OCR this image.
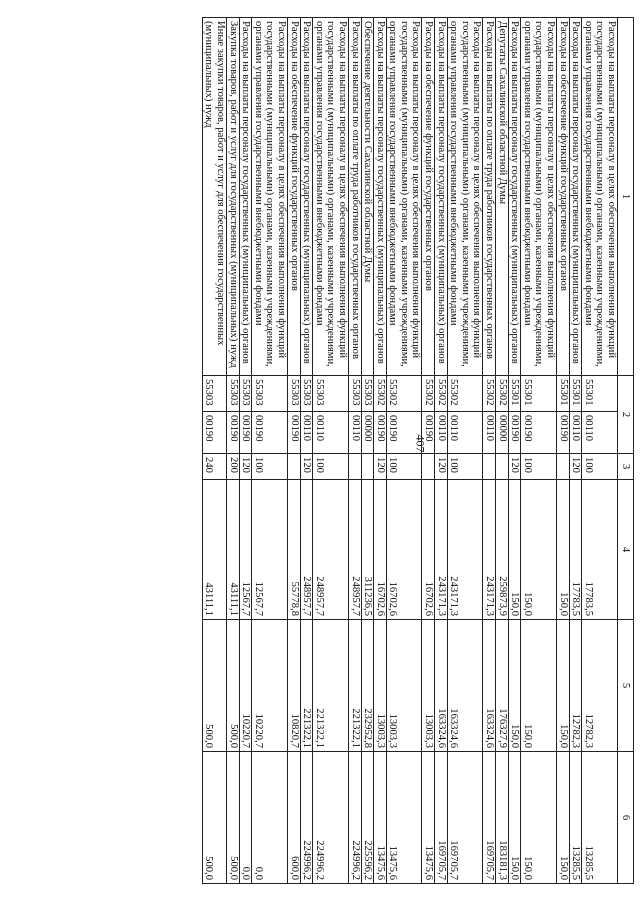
407
1	2		3	4	5	6
Расходы на выплаты персоналу в целях обеспечения выполнения функций государственными (муниципальными) органами, казенными учреждениями, органами управления государственными внебюджетными фондами	55301	00110	100	17783,5	12782,3	13285,5
Расходы на выплаты персоналу государственных (муниципальных) органов	55301	00110	120	17783,5	12782,3	13285,5
Расходы на обеспечение функций государственных органов	55301	00190		150,0	150,0	150,0
Расходы на выплаты персоналу в целях обеспечения выполнения функций государственными (муниципальными) органами, казенными учреждениями, органами управления государственными внебюджетными фондами	55301	00190	100	150,0	150,0	150,0
Расходы на выплаты персоналу государственных (муниципальных) органов	55301	00190	120	150,0	150,0	150,0
Депутаты Сахалинской областной Думы	55302	00000		259873,9	176327,9	183181,3
Расходы на выплаты по оплате труда работников государственных органов	55302	00110		243171,3	163324,6	169705,7
Расходы на выплаты персоналу в целях обеспечения выполнения функций государственными (муниципальными) органами, казенными учреждениями, органами управления государственными внебюджетными фондами	55302	00110	100	243171,3	163324,6	169705,7
Расходы на выплаты персоналу государственных (муниципальных) органов	55302	00110	120	243171,3	163324,6	169705,7
Расходы на обеспечение функций государственных органов	55302	00190		16702,6	13003,3	13475,6
Расходы на выплаты персоналу в целях обеспечения выполнения функций государственными (муниципальными) органами, казенными учреждениями, органами управления государственными внебюджетными фондами	55302	00190	100	16702,6	13003,3	13475,6
Расходы на выплаты персоналу государственных (муниципальных) органов	55302	00190	120	16702,6	13003,3	13475,6
Обеспечение деятельности Сахалинской областной Думы	55303	00000		311236,5	232952,8	225596,2
Расходы на выплаты по оплате труда работников государственных органов	55303	00110		248957,7	221322,1	224996,2
Расходы на выплаты персоналу в целях обеспечения выполнения функций государственными (муниципальными) органами, казенными учреждениями, органами управления государственными внебюджетными фондами	55303	00110	100	248957,7	221322,1	224996,2
Расходы на выплаты персоналу государственных (муниципальных) органов	55303	00110	120	248957,7	221322,1	224996,2
Расходы на обеспечение функций государственных органов	55303	00190		55778,8	10820,7	600,0
Расходы на выплаты персоналу в целях обеспечения выполнения функций государственными (муниципальными) органами, казенными учреждениями, органами управления государственными внебюджетными фондами	55303	00190	100	12567,7	10220,7	0,0
Расходы на выплаты персоналу государственных (муниципальных) органов	55303	00190	120	12567,7	10220,7	0,0
Закупка товаров, работ и услуг для государственных (муниципальных) нужд	55303	00190	200	43111,1	500,0	500,0
Иные закупки товаров, работ и услуг для обеспечения государственных (муниципальных) нужд	55303	00190	240	43111,1	500,0	500,0
